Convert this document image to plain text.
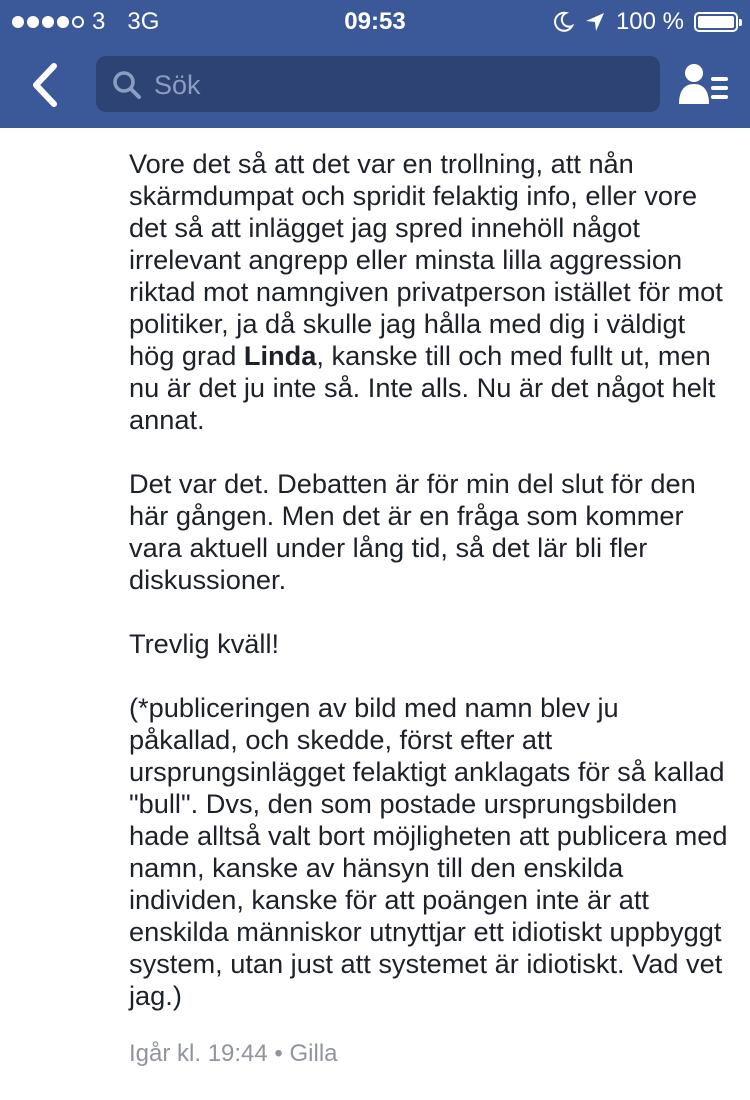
3 3G	09:53	100 %
Sök

Vore det så att det var en trollning, att nån skärmdumpat och spridit felaktig info, eller vore det så att inlägget jag spred innehöll något irrelevant angrepp eller minsta lilla aggression riktad mot namngiven privatperson istället för mot politiker, ja då skulle jag hålla med dig i väldigt hög grad Linda, kanske till och med fullt ut, men nu är det ju inte så. Inte alls. Nu är det något helt annat.

Det var det. Debatten är för min del slut för den här gången. Men det är en fråga som kommer vara aktuell under lång tid, så det lär bli fler diskussioner.

Trevlig kväll!

(*publiceringen av bild med namn blev ju påkallad, och skedde, först efter att ursprungsinlägget felaktigt anklagats för så kallad "bull". Dvs, den som postade ursprungsbilden hade alltså valt bort möjligheten att publicera med namn, kanske av hänsyn till den enskilda individen, kanske för att poängen inte är att enskilda människor utnyttjar ett idiotiskt uppbyggt system, utan just att systemet är idiotiskt. Vad vet jag.)

Igår kl. 19:44 • Gilla
